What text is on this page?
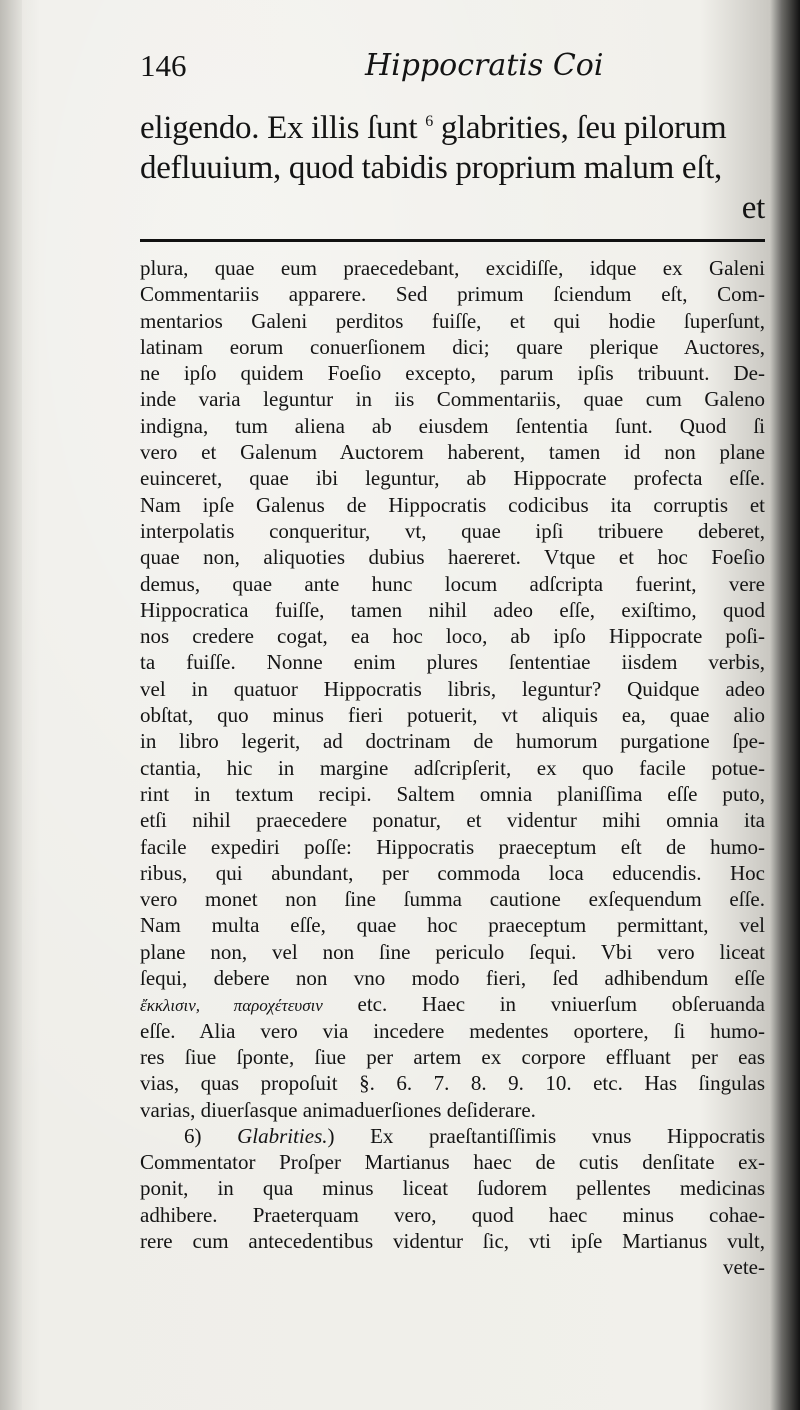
146	Hippocratis Coi
eligendo. Ex illis ſunt $^6$ glabrities, ſeu pilorum
defluuium, quod tabidis proprium malum eſt,
et
plura, quae eum praecedebant, excidiſſe, idque ex Galeni
Commentariis apparere. Sed primum ſciendum eſt, Com-
mentarios Galeni perditos fuiſſe, et qui hodie ſuperſunt,
latinam eorum conuerſionem dici; quare plerique Auctores,
ne ipſo quidem Foeſio excepto, parum ipſis tribuunt. De-
inde varia leguntur in iis Commentariis, quae cum Galeno
indigna, tum aliena ab eiusdem ſententia ſunt. Quod ſi
vero et Galenum Auctorem haberent, tamen id non plane
euinceret, quae ibi leguntur, ab Hippocrate profecta eſſe.
Nam ipſe Galenus de Hippocratis codicibus ita corruptis et
interpolatis conqueritur, vt, quae ipſi tribuere deberet,
quae non, aliquoties dubius haereret. Vtque et hoc Foeſio
demus, quae ante hunc locum adſcripta fuerint, vere
Hippocratica fuiſſe, tamen nihil adeo eſſe, exiſtimo, quod
nos credere cogat, ea hoc loco, ab ipſo Hippocrate poſi-
ta fuiſſe. Nonne enim plures ſententiae iisdem verbis,
vel in quatuor Hippocratis libris, leguntur? Quidque adeo
obſtat, quo minus fieri potuerit, vt aliquis ea, quae alio
in libro legerit, ad doctrinam de humorum purgatione ſpe-
ctantia, hic in margine adſcripſerit, ex quo facile potue-
rint in textum recipi. Saltem omnia planiſſima eſſe puto,
etſi nihil praecedere ponatur, et videntur mihi omnia ita
facile expediri poſſe: Hippocratis praeceptum eſt de humo-
ribus, qui abundant, per commoda loca educendis. Hoc
vero monet non ſine ſumma cautione exſequendum eſſe.
Nam multa eſſe, quae hoc praeceptum permittant, vel
plane non, vel non ſine periculo ſequi. Vbi vero liceat
ſequi, debere non vno modo fieri, ſed adhibendum eſſe
ἔκκλισιν, παροχέτευσιν etc. Haec in vniuerſum obſeruanda
eſſe. Alia vero via incedere medentes oportere, ſi humo-
res ſiue ſponte, ſiue per artem ex corpore effluant per eas
vias, quas propoſuit §. 6. 7. 8. 9. 10. etc. Has ſingulas
varias, diuerſasque animaduerſiones deſiderare.
6) Glabrities.) Ex praeſtantiſſimis vnus Hippocratis
Commentator Proſper Martianus haec de cutis denſitate ex-
ponit, in qua minus liceat ſudorem pellentes medicinas
adhibere. Praeterquam vero, quod haec minus cohae-
rere cum antecedentibus videntur ſic, vti ipſe Martianus vult,
vete-
